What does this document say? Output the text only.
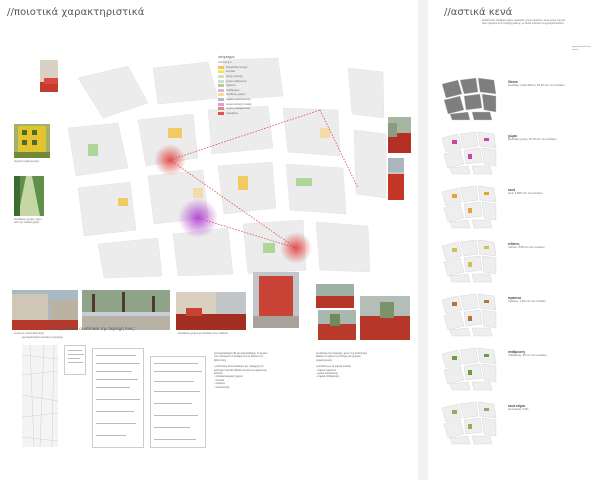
//ποιοτικά χαρακτηριστικά
σημείο συγκέντρωσης
ελεύθερος χώρος, γύρω από την παιδική χαρά
υπόμνημα
οδόστρωμα
θορυβώδη περιοχή
κεντρικό
ήσυχη περιοχή
χώροι στάθμευσης
πράσινο
πεζόδρομος
ελεύθερος χώρος
σημεία συγκέντρωσης
σημεία οπτικής επαφής
σημείο ενδιαφέροντος
πρόσβαση
γωνία με πυκνή βλάστηση	ελεύθερος χώρος με σύνδεση στην πλατεία
...πώς βλέπουν οι κάτοικοι την περιοχή τους;
ερωτηματολόγιο κατοίκων περιοχής
ερωτηματολόγιο (30 ερωτηματολόγια), το σημείο που προτιμούν οι κάτοικοι για να κάνουν την βόλτα τους
η απάντηση από κατοίκους της περιοχής στο ερώτημα ποια θα ήθελαν να είναι τα σημεία που λείπουν
- πολυλειτουργικός χώρος
- πλατεία
- πράσινο
- περιπατητής
οι κάτοικοι της περιοχής, μέσω της απάντησης έδειξαν ότι έχουν την ανάγκη για χώρους συγκέντρωσης
η σύνδεση με τα σημεία στάσης
- πάρκο πρασίνου
- χώροι ανάπαυσης
- σημεία στάθμευσης
//αστικά κενά
αστικά κενά: ελεύθεροι χώροι, οικόπεδα, χώροι πρασίνου, κενοί χώροι που δεν είναι χτισμένοι στην περιοχή μελέτης, οι οποίοι μπορούν να χρησιμοποιηθούν
σχέσεις μεταξύ των κενών
δίκτυο
ελεύθερο, ενιαίο δίκτυο, 53.3% επί του συνόλου
χώροι
ελεύθεροι χώροι, 16.7% επί του συνόλου
κενά
κενά, 4.50% επί του συνόλου
πλάτεις
πλάτεις, 3.5% επί του συνόλου
πράσινο
πράσινο, 7.2% επί του συνόλου
στάθμευση
στάθμευση, 3% επί του συνόλου
κενά κτίρια
κενά κτίρια, 2.3%
